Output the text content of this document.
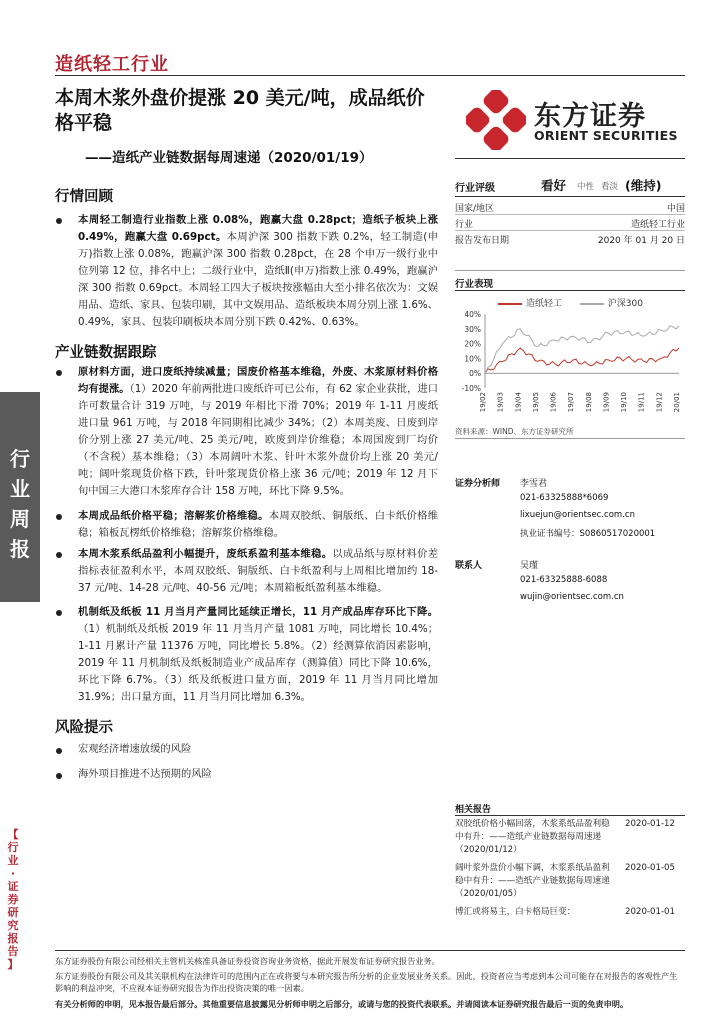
造纸轻工行业
本周木浆外盘价提涨 20 美元/吨，成品纸价格平稳
——造纸产业链数据每周速递（2020/01/19）
东方证券
ORIENT SECURITIES
行
业
周
报
【
行
业
·
证
券
研
究
报
告
】
行情回顾
本周轻工制造行业指数上涨 0.08%，跑赢大盘 0.28pct；造纸子板块上涨 0.49%，跑赢大盘 0.69pct。本周沪深 300 指数下跌 0.2%，轻工制造(申万)指数上涨 0.08%，跑赢沪深 300 指数 0.28pct，在 28 个申万一级行业中位列第 12 位，排名中上；二级行业中，造纸Ⅱ(申万)指数上涨 0.49%，跑赢沪深 300 指数 0.69pct。本周轻工四大子板块按涨幅由大至小排名依次为：文娱用品、造纸、家具、包装印刷，其中文娱用品、造纸板块本周分别上涨 1.6%、0.49%，家具、包装印刷板块本周分别下跌 0.42%、0.63%。
产业链数据跟踪
原材料方面，进口废纸持续减量；国废价格基本维稳，外废、木浆原材料价格均有提涨。（1）2020 年前两批进口废纸许可已公布，有 62 家企业获批，进口许可数量合计 319 万吨，与 2019 年相比下滑 70%；2019 年 1-11 月废纸进口量 961 万吨，与 2018 年同期相比减少 34%；（2）本周美废、日废到岸价分别上涨 27 美元/吨、25 美元/吨，欧废到岸价维稳；本周国废到厂均价（不含税）基本维稳；（3）本周阔叶木浆、针叶木浆外盘价均上涨 20 美元/吨；阔叶浆现货价格下跌，针叶浆现货价格上涨 36 元/吨；2019 年 12 月下旬中国三大港口木浆库存合计 158 万吨，环比下降 9.5%。
本周成品纸价格平稳；溶解浆价格维稳。本周双胶纸、铜版纸、白卡纸价格维稳；箱板瓦楞纸价格维稳；溶解浆价格维稳。
本周木浆系纸品盈利小幅提升，废纸系盈利基本维稳。以成品纸与原材料价差指标表征盈利水平，本周双胶纸、铜版纸、白卡纸盈利与上周相比增加约 18-37 元/吨、14-28 元/吨、40-56 元/吨；本周箱板纸盈利基本维稳。
机制纸及纸板 11 月当月产量同比延续正增长，11 月产成品库存环比下降。（1）机制纸及纸板 2019 年 11 月当月产量 1081 万吨，同比增长 10.4%；1-11 月累计产量 11376 万吨，同比增长 5.8%。（2）经测算依消因素影响，2019 年 11 月机制纸及纸板制造业产成品库存（测算值）同比下降 10.6%，环比下降 6.7%。（3）纸及纸板进口量方面，2019 年 11 月当月同比增加 31.9%；出口量方面，11 月当月同比增加 6.3%。
风险提示
宏观经济增速放缓的风险
海外项目推进不达预期的风险
行业评级	看好 中性 看淡 (维持)
国家/地区	中国
行业	造纸轻工行业
报告发布日期	2020 年 01 月 20 日
行业表现
造纸轻工	沪深300
40%
30%
20%
10%
0%
-10%
19/02 19/03 19/04 19/05 19/06 19/07 19/08 19/09 19/10 19/11 19/12 20/01
资料来源：WIND、东方证券研究所
证券分析师 李雪君
021-63325888*6069
lixuejun@orientsec.com.cn
执业证书编号：S0860517020001
联系人	吴瑾
021-63325888-6088
wujin@orientsec.com.cn
相关报告
双胶纸价格小幅回落，木浆系纸品盈利稳中有升：——造纸产业链数据每周速递（2020/01/12）
2020-01-12
阔叶浆外盘价小幅下调，木浆系纸品盈利稳中有升：——造纸产业链数据每周速递（2020/01/05）
2020-01-05
博汇或将易主，白卡格局巨变：	2020-01-01
东方证券股份有限公司经相关主管机关核准具备证券投资咨询业务资格，据此开展发布证券研究报告业务。
东方证券股份有限公司及其关联机构在法律许可的范围内正在或将要与本研究报告所分析的企业发展业务关系。因此，投资者应当考虑到本公司可能存在对报告的客观性产生影响的利益冲突，不应视本证券研究报告为作出投资决策的唯一因素。
有关分析师的申明，见本报告最后部分。其他重要信息披露见分析师申明之后部分，或请与您的投资代表联系。并请阅读本证券研究报告最后一页的免责申明。
